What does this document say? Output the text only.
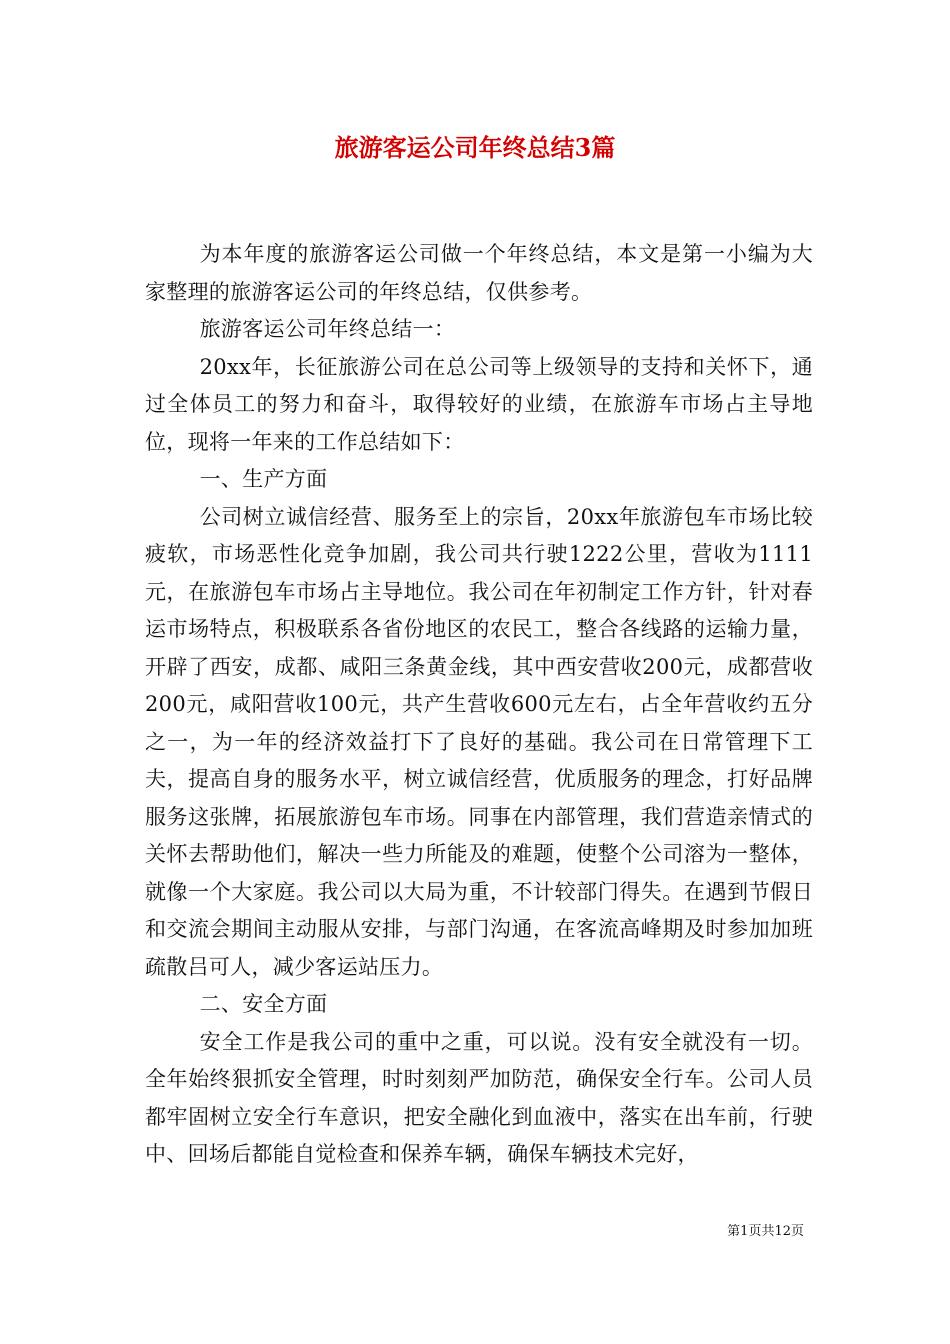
旅游客运公司年终总结3篇

为本年度的旅游客运公司做一个年终总结，本文是第一小编为大家整理的旅游客运公司的年终总结，仅供参考。

旅游客运公司年终总结一：

20xx年，长征旅游公司在总公司等上级领导的支持和关怀下，通过全体员工的努力和奋斗，取得较好的业绩，在旅游车市场占主导地位，现将一年来的工作总结如下：

一、生产方面

公司树立诚信经营、服务至上的宗旨，20xx年旅游包车市场比较疲软，市场恶性化竞争加剧，我公司共行驶1222公里，营收为1111元，在旅游包车市场占主导地位。我公司在年初制定工作方针，针对春运市场特点，积极联系各省份地区的农民工，整合各线路的运输力量，开辟了西安，成都、咸阳三条黄金线，其中西安营收200元，成都营收200元，咸阳营收100元，共产生营收600元左右，占全年营收约五分之一，为一年的经济效益打下了良好的基础。我公司在日常管理下工夫，提高自身的服务水平，树立诚信经营，优质服务的理念，打好品牌服务这张牌，拓展旅游包车市场。同事在内部管理，我们营造亲情式的关怀去帮助他们，解决一些力所能及的难题，使整个公司溶为一整体，就像一个大家庭。我公司以大局为重，不计较部门得失。在遇到节假日和交流会期间主动服从安排，与部门沟通，在客流高峰期及时参加加班疏散吕可人，减少客运站压力。

二、安全方面

安全工作是我公司的重中之重，可以说。没有安全就没有一切。全年始终狠抓安全管理，时时刻刻严加防范，确保安全行车。公司人员都牢固树立安全行车意识，把安全融化到血液中，落实在出车前，行驶中、回场后都能自觉检查和保养车辆，确保车辆技术完好，

第1页共12页
